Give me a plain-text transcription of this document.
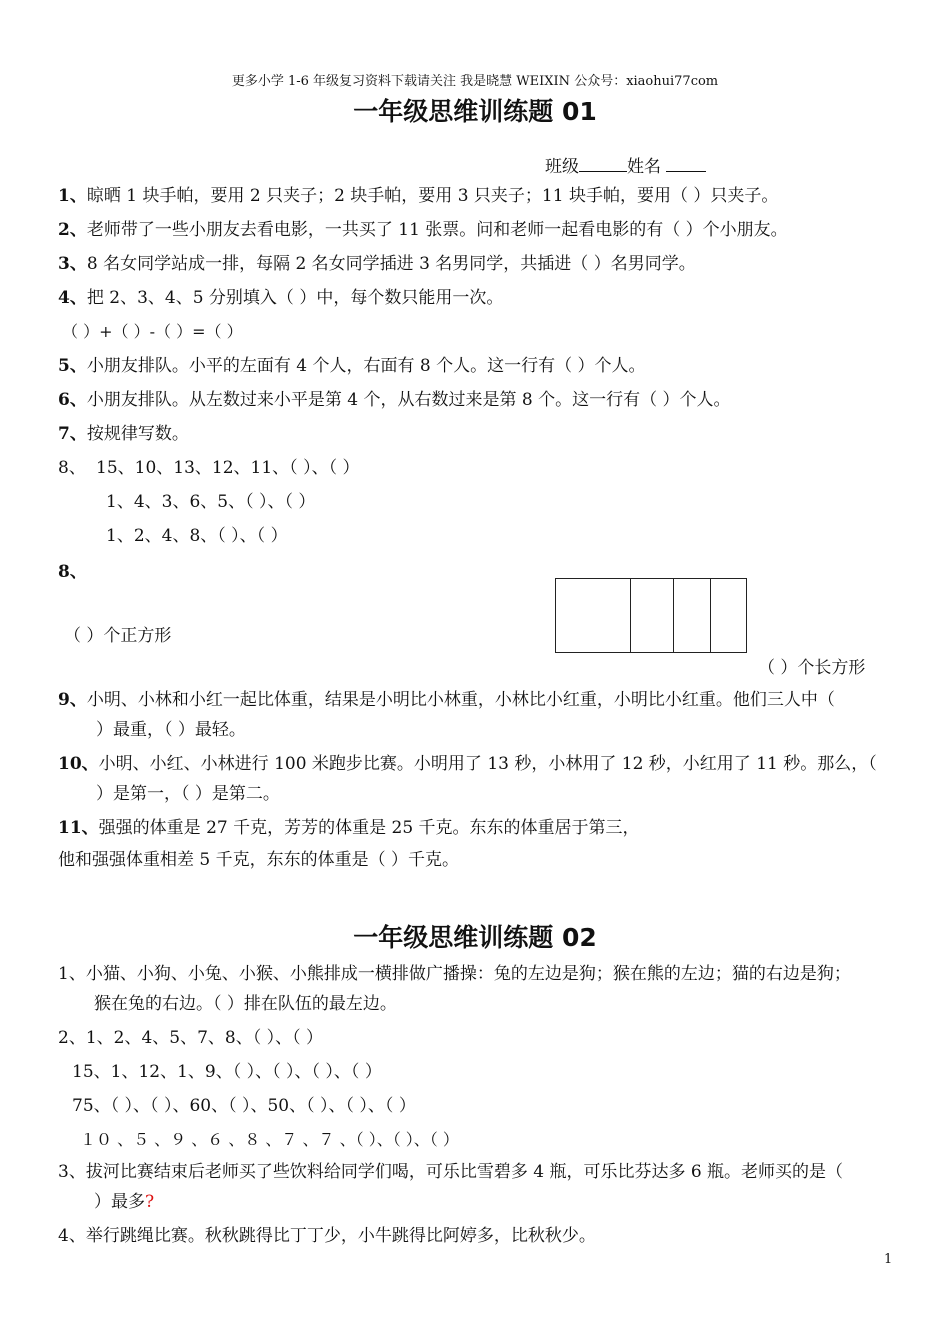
更多小学 1-6 年级复习资料下载请关注 我是晓慧 WEIXIN 公众号：xiaohui77com
一年级思维训练题 01
班级	姓名
1、晾晒 1 块手帕，要用 2 只夹子；2 块手帕，要用 3 只夹子；11 块手帕，要用（ ）只夹子。
2、老师带了一些小朋友去看电影，一共买了 11 张票。问和老师一起看电影的有（ ）个小朋友。
3、8 名女同学站成一排，每隔 2 名女同学插进 3 名男同学，共插进（ ）名男同学。
4、把 2、3、4、5 分别填入（ ）中，每个数只能用一次。
（ ）+（ ）-（ ）=（ ）
5、小朋友排队。小平的左面有 4 个人，右面有 8 个人。这一行有（ ）个人。
6、小朋友排队。从左数过来小平是第 4 个，从右数过来是第 8 个。这一行有（ ）个人。
7、按规律写数。
8、 15、10、13、12、11、（ ）、（ ）
1、4、3、6、5、（ ）、（ ）
1、2、4、8、（ ）、（ ）
8、
（ ）个正方形
（ ）个长方形
9、小明、小林和小红一起比体重，结果是小明比小林重，小林比小红重，小明比小红重。他们三人中（
）最重，（ ）最轻。
10、小明、小红、小林进行 100 米跑步比赛。小明用了 13 秒，小林用了 12 秒，小红用了 11 秒。那么，（
）是第一，（ ）是第二。
11、强强的体重是 27 千克，芳芳的体重是 25 千克。东东的体重居于第三，
他和强强体重相差 5 千克，东东的体重是（ ）千克。
一年级思维训练题 02
1、小猫、小狗、小兔、小猴、小熊排成一横排做广播操：兔的左边是狗；猴在熊的左边；猫的右边是狗；
猴在兔的右边。（ ）排在队伍的最左边。
2、1、2、4、5、7、8、（ ）、（ ）
15、1、12、1、9、（ ）、（ ）、（ ）、（ ）
75、（ ）、（ ）、60、（ ）、50、（ ）、（ ）、（ ）
１０ 、５ 、９ 、６ 、８ 、７ 、７ 、（ ）、（ ）、（ ）
3、拔河比赛结束后老师买了些饮料给同学们喝，可乐比雪碧多 4 瓶，可乐比芬达多 6 瓶。老师买的是（
）最多?
4、举行跳绳比赛。秋秋跳得比丁丁少，小牛跳得比阿婷多，比秋秋少。
1
